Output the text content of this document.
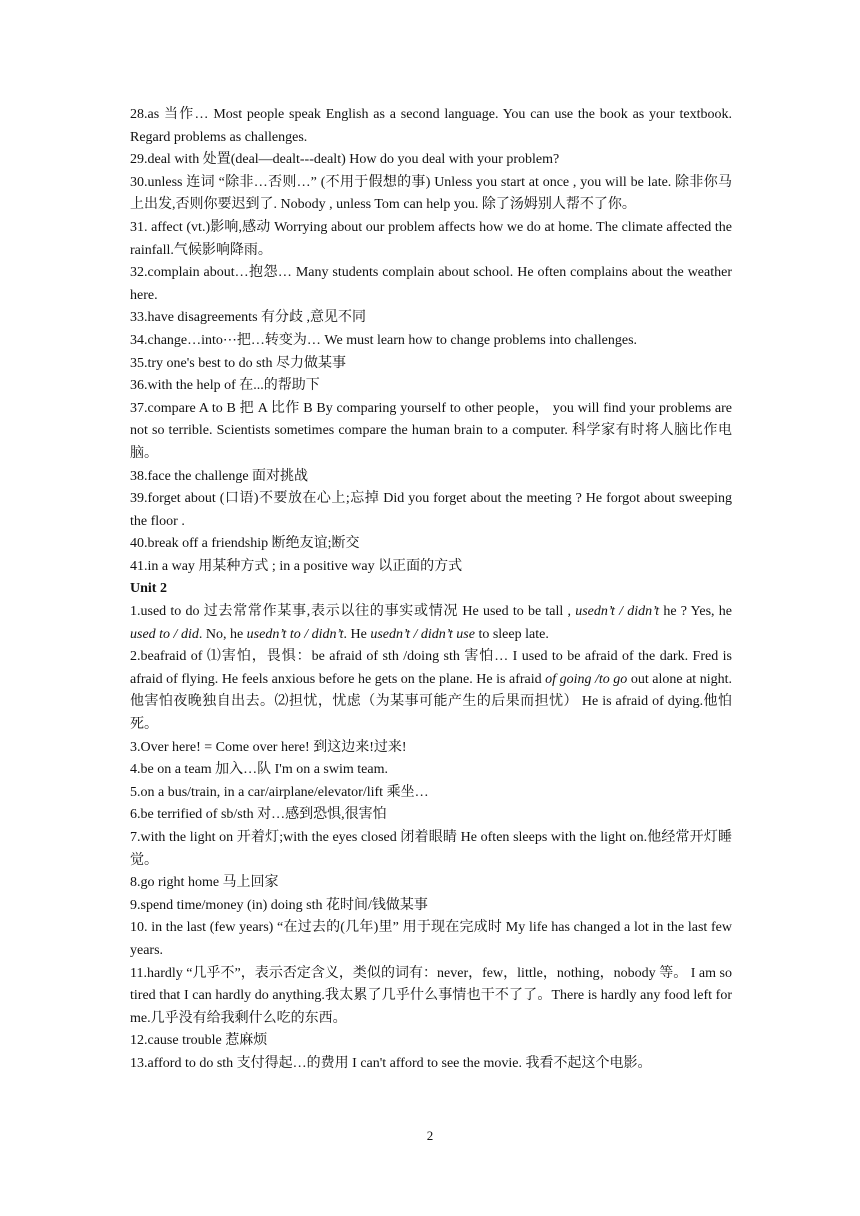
28.as 当作… Most people speak English as a second language. You can use the book as your textbook. Regard problems as challenges.

29.deal with 处置(deal—dealt---dealt) How do you deal with your problem?

30.unless 连词 “除非…否则…” (不用于假想的事) Unless you start at once , you will be late. 除非你马上出发,否则你要迟到了. Nobody , unless Tom can help you. 除了汤姆别人帮不了你。

31. affect (vt.)影响,感动 Worrying about our problem affects how we do at home. The climate affected the rainfall.气候影响降雨。

32.complain about…抱怨… Many students complain about school. He often complains about the weather here.

33.have disagreements 有分歧 ,意见不同

34.change…into⋯把…转变为… We must learn how to change problems into challenges.

35.try one's best to do sth 尽力做某事

36.with the help of 在...的帮助下

37.compare A to B 把 A 比作 B By comparing yourself to other people， you will find your problems are not so terrible. Scientists sometimes compare the human brain to a computer. 科学家有时将人脑比作电脑。

38.face the challenge 面对挑战

39.forget about (口语)不要放在心上;忘掉 Did you forget about the meeting ? He forgot about sweeping the floor .

40.break off a friendship 断绝友谊;断交

41.in a way 用某种方式 ; in a positive way 以正面的方式

Unit 2

1.used to do 过去常常作某事,表示以往的事实或情况 He used to be tall , usedn’t / didn’t he ? Yes, he used to / did. No, he usedn’t to / didn’t. He usedn’t / didn’t use to sleep late.

2.beafraid of ⑴害怕，畏惧：be afraid of sth /doing sth 害怕… I used to be afraid of the dark. Fred is afraid of flying. He feels anxious before he gets on the plane. He is afraid of going /to go out alone at night. 他害怕夜晚独自出去。⑵担忧，忧虑（为某事可能产生的后果而担忧） He is afraid of dying.他怕死。

3.Over here! = Come over here! 到这边来!过来!

4.be on a team 加入…队 I'm on a swim team.

5.on a bus/train, in a car/airplane/elevator/lift 乘坐…

6.be terrified of sb/sth 对…感到恐惧,很害怕

7.with the light on 开着灯;with the eyes closed 闭着眼睛 He often sleeps with the light on.他经常开灯睡觉。

8.go right home 马上回家

9.spend time/money (in) doing sth 花时间/钱做某事

10. in the last (few years) “在过去的(几年)里” 用于现在完成时 My life has changed a lot in the last few years.

11.hardly “几乎不”，表示否定含义，类似的词有：never，few，little，nothing，nobody 等。 I am so tired that I can hardly do anything.我太累了几乎什么事情也干不了了。There is hardly any food left for me.几乎没有给我剩什么吃的东西。

12.cause trouble 惹麻烦

13.afford to do sth 支付得起…的费用 I can't afford to see the movie. 我看不起这个电影。

2
